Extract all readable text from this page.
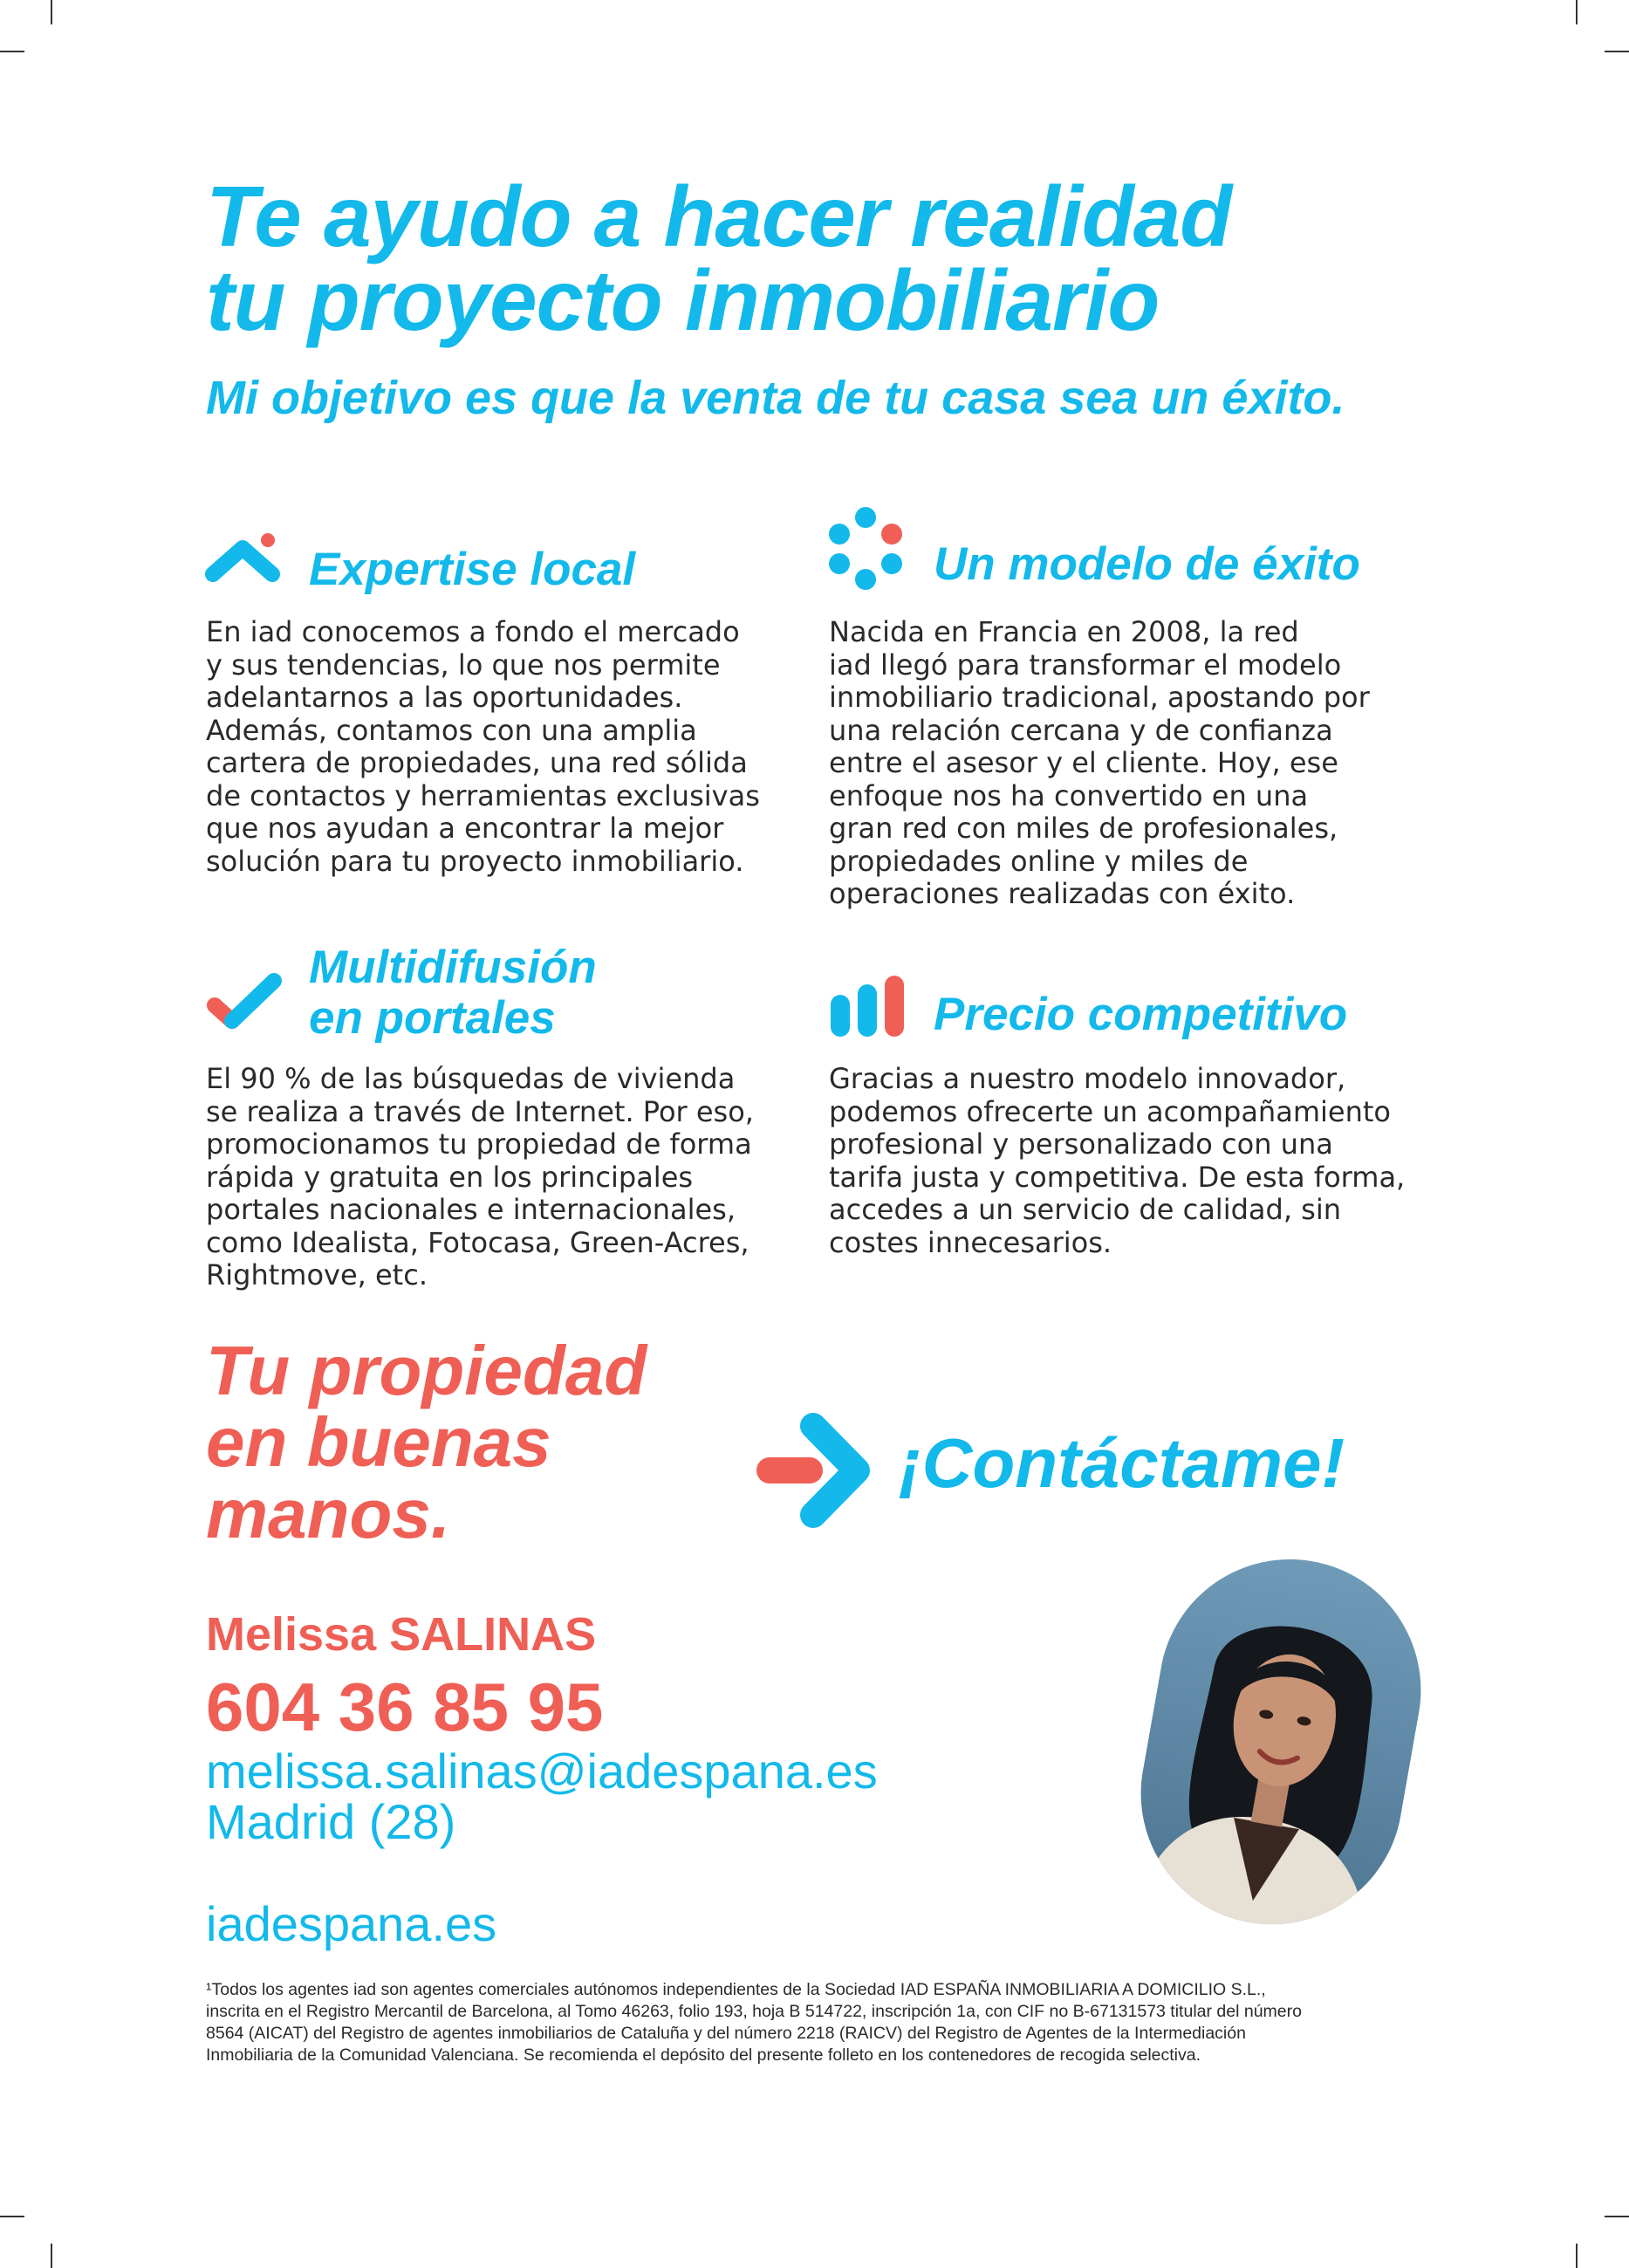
Te ayudo a hacer realidad
tu proyecto inmobiliario
Mi objetivo es que la venta de tu casa sea un éxito.
Expertise local
En iad conocemos a fondo el mercado
y sus tendencias, lo que nos permite
adelantarnos a las oportunidades.
Además, contamos con una amplia
cartera de propiedades, una red sólida
de contactos y herramientas exclusivas
que nos ayudan a encontrar la mejor
solución para tu proyecto inmobiliario.
Un modelo de éxito
Nacida en Francia en 2008, la red
iad llegó para transformar el modelo
inmobiliario tradicional, apostando por
una relación cercana y de confianza
entre el asesor y el cliente. Hoy, ese
enfoque nos ha convertido en una
gran red con miles de profesionales,
propiedades online y miles de
operaciones realizadas con éxito.
Multidifusión
en portales
El 90 % de las búsquedas de vivienda
se realiza a través de Internet. Por eso,
promocionamos tu propiedad de forma
rápida y gratuita en los principales
portales nacionales e internacionales,
como Idealista, Fotocasa, Green-Acres,
Rightmove, etc.
Precio competitivo
Gracias a nuestro modelo innovador,
podemos ofrecerte un acompañamiento
profesional y personalizado con una
tarifa justa y competitiva. De esta forma,
accedes a un servicio de calidad, sin
costes innecesarios.
Tu propiedad
en buenas
manos.
¡Contáctame!
Melissa SALINAS
604 36 85 95
melissa.salinas@iadespana.es
Madrid (28)
iadespana.es
¹Todos los agentes iad son agentes comerciales autónomos independientes de la Sociedad IAD ESPAÑA INMOBILIARIA A DOMICILIO S.L.,
inscrita en el Registro Mercantil de Barcelona, al Tomo 46263, folio 193, hoja B 514722, inscripción 1a, con CIF no B-67131573 titular del número
8564 (AICAT) del Registro de agentes inmobiliarios de Cataluña y del número 2218 (RAICV) del Registro de Agentes de la Intermediación
Inmobiliaria de la Comunidad Valenciana. Se recomienda el depósito del presente folleto en los contenedores de recogida selectiva.
